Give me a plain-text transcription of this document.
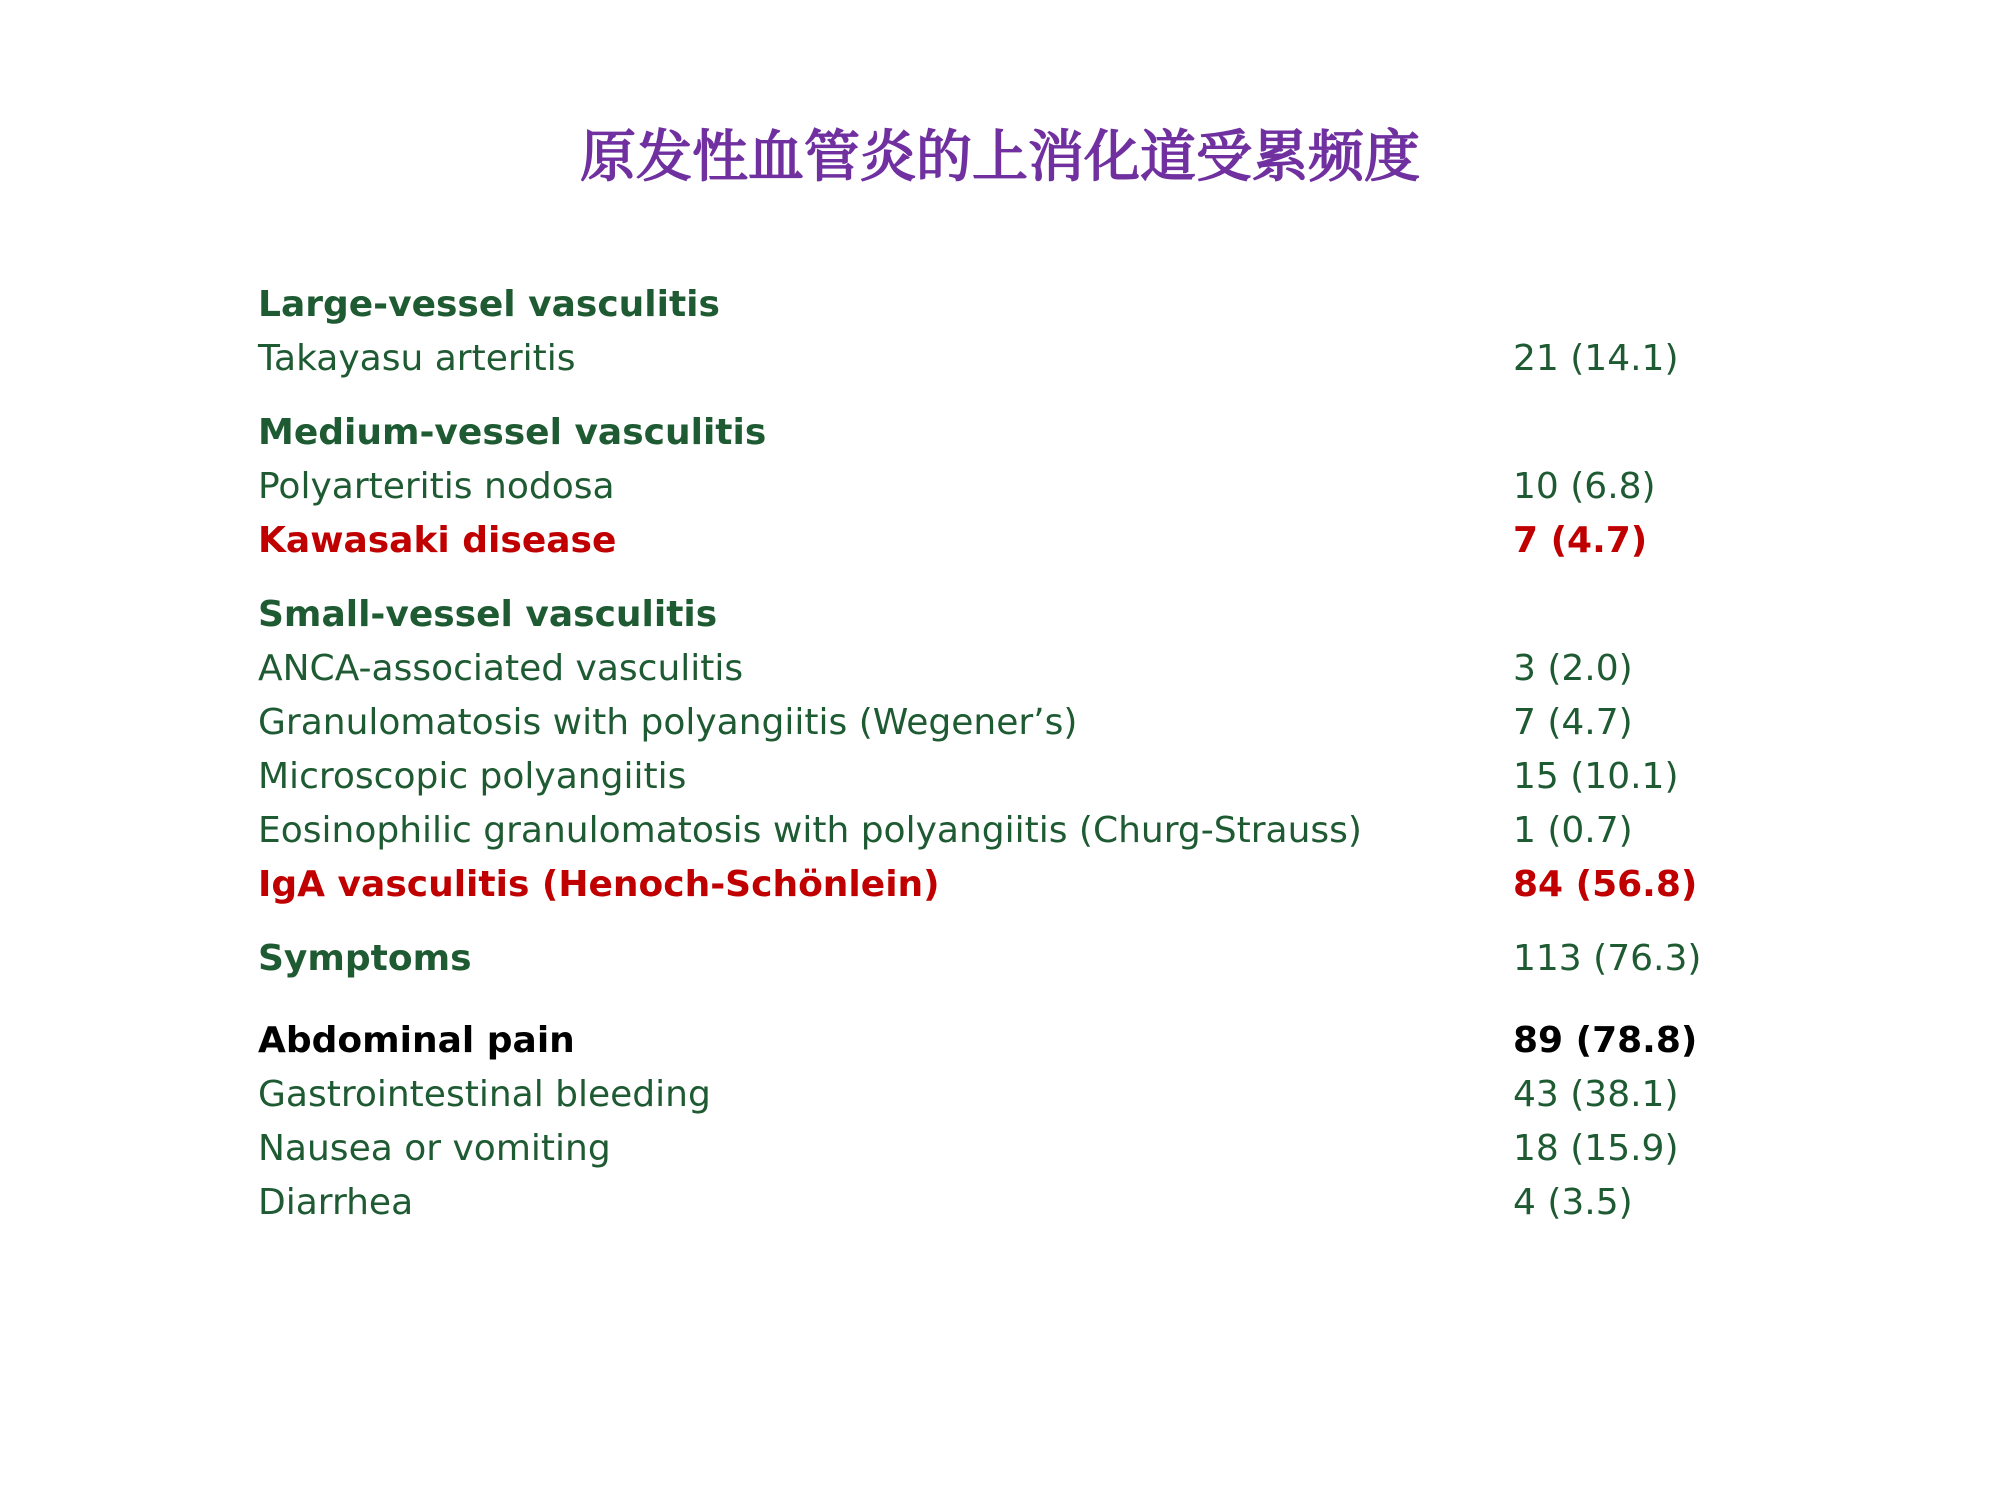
原发性血管炎的上消化道受累频度
Large-vessel vasculitis
Takayasu arteritis	21 (14.1)
Medium-vessel vasculitis
Polyarteritis nodosa	10 (6.8)
Kawasaki disease	7 (4.7)
Small-vessel vasculitis
ANCA-associated vasculitis	3 (2.0)
Granulomatosis with polyangiitis (Wegener’s)	7 (4.7)
Microscopic polyangiitis	15 (10.1)
Eosinophilic granulomatosis with polyangiitis (Churg-Strauss)	1 (0.7)
IgA vasculitis (Henoch-Schönlein)	84 (56.8)
Symptoms	113 (76.3)
Abdominal pain	89 (78.8)
Gastrointestinal bleeding	43 (38.1)
Nausea or vomiting	18 (15.9)
Diarrhea	4 (3.5)
